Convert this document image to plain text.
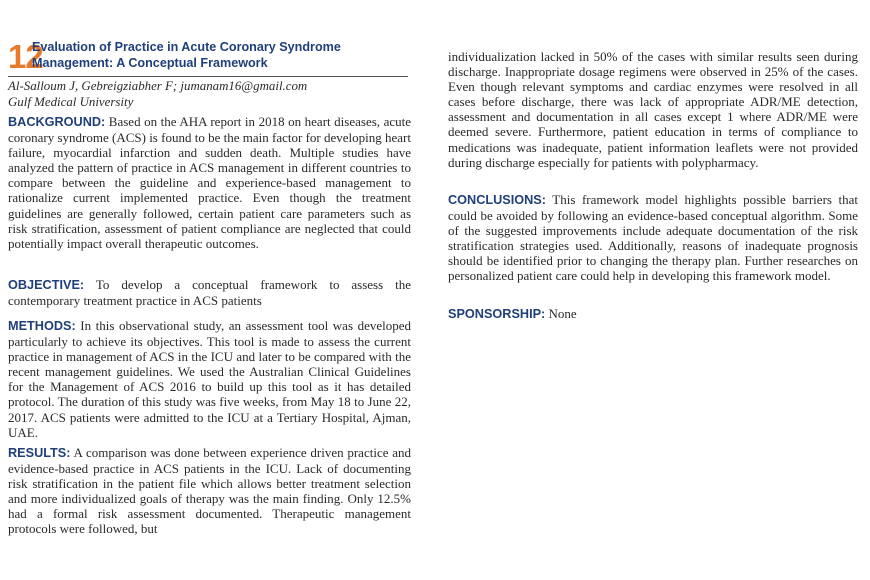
12
Evaluation of Practice in Acute Coronary Syndrome Management: A Conceptual Framework
Al-Salloum J, Gebreigziabher F; jumanam16@gmail.com
Gulf Medical University

BACKGROUND: Based on the AHA report in 2018 on heart diseases, acute coronary syndrome (ACS) is found to be the main factor for developing heart failure, myocardial infarction and sudden death. Multiple studies have analyzed the pattern of practice in ACS management in different countries to compare between the guideline and experience-based management to rationalize current implemented practice. Even though the treatment guidelines are generally followed, certain patient care parameters such as risk stratification, assessment of patient compliance are neglected that could potentially impact overall therapeutic outcomes.

OBJECTIVE: To develop a conceptual framework to assess the contemporary treatment practice in ACS patients

METHODS: In this observational study, an assessment tool was developed particularly to achieve its objectives. This tool is made to assess the current practice in management of ACS in the ICU and later to be compared with the recent management guidelines. We used the Australian Clinical Guidelines for the Management of ACS 2016 to build up this tool as it has detailed protocol. The duration of this study was five weeks, from May 18 to June 22, 2017. ACS patients were admitted to the ICU at a Tertiary Hospital, Ajman, UAE.

RESULTS: A comparison was done between experience driven practice and evidence-based practice in ACS patients in the ICU. Lack of documenting risk stratification in the patient file which allows better treatment selection and more individualized goals of therapy was the main finding. Only 12.5% had a formal risk assessment documented. Therapeutic management protocols were followed, but

individualization lacked in 50% of the cases with similar results seen during discharge. Inappropriate dosage regimens were observed in 25% of the cases. Even though relevant symptoms and cardiac enzymes were resolved in all cases before discharge, there was lack of appropriate ADR/ME detection, assessment and documentation in all cases except 1 where ADR/ME were deemed severe. Furthermore, patient education in terms of compliance to medications was inadequate, patient information leaflets were not provided during discharge especially for patients with polypharmacy.

CONCLUSIONS: This framework model highlights possible barriers that could be avoided by following an evidence-based conceptual algorithm. Some of the suggested improvements include adequate documentation of the risk stratification strategies used. Additionally, reasons of inadequate prognosis should be identified prior to changing the therapy plan. Further researches on personalized patient care could help in developing this framework model.

SPONSORSHIP: None
